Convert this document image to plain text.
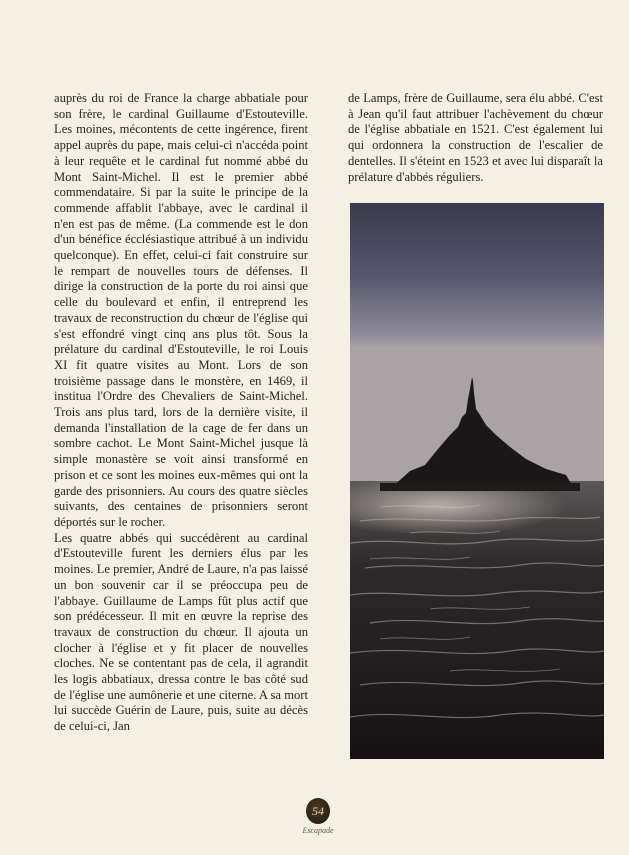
auprès du roi de France la charge abbatiale pour son frère, le cardinal Guillaume d'Estouteville. Les moines, mécontents de cette ingérence, firent appel auprès du pape, mais celui-ci n'accéda point à leur requête et le cardinal fut nommé abbé du Mont Saint-Michel. Il est le premier abbé commendataire. Si par la suite le principe de la commende affablit l'abbaye, avec le cardinal il n'en est pas de même. (La commende est le don d'un bénéfice écclésiastique attribué à un individu quelconque). En effet, celui-ci fait construire sur le rempart de nouvelles tours de défenses. Il dirige la construction de la porte du roi ainsi que celle du boulevard et enfin, il entreprend les travaux de reconstruction du chœur de l'église qui s'est effondré vingt cinq ans plus tôt. Sous la prélature du cardinal d'Estouteville, le roi Louis XI fit quatre visites au Mont. Lors de son troisième passage dans le monstère, en 1469, il institua l'Ordre des Chevaliers de Saint-Michel. Trois ans plus tard, lors de la dernière visite, il demanda l'installation de la cage de fer dans un sombre cachot. Le Mont Saint-Michel jusque là simple monastère se voit ainsi transformé en prison et ce sont les moines eux-mêmes qui ont la garde des prisonniers. Au cours des quatre siècles suivants, des centaines de prisonniers seront déportés sur le rocher.

Les quatre abbés qui succédèrent au cardinal d'Estouteville furent les derniers élus par les moines. Le premier, André de Laure, n'a pas laissé un bon souvenir car il se préoccupa peu de l'abbaye. Guillaume de Lamps fût plus actif que son prédécesseur. Il mit en œuvre la reprise des travaux de construction du chœur. Il ajouta un clocher à l'église et y fit placer de nouvelles cloches. Ne se contentant pas de cela, il agrandit les logis abbatiaux, dressa contre le bas côté sud de l'église une aumônerie et une citerne. A sa mort lui succède Guérin de Laure, puis, suite au décès de celui-ci, Jan

de Lamps, frère de Guillaume, sera élu abbé. C'est à Jean qu'il faut attribuer l'achèvement du chœur de l'église abbatiale en 1521. C'est également lui qui ordonnera la construction de l'escalier de dentelles. Il s'éteint en 1523 et avec lui disparaît la prélature d'abbés réguliers.

54
Escapade
